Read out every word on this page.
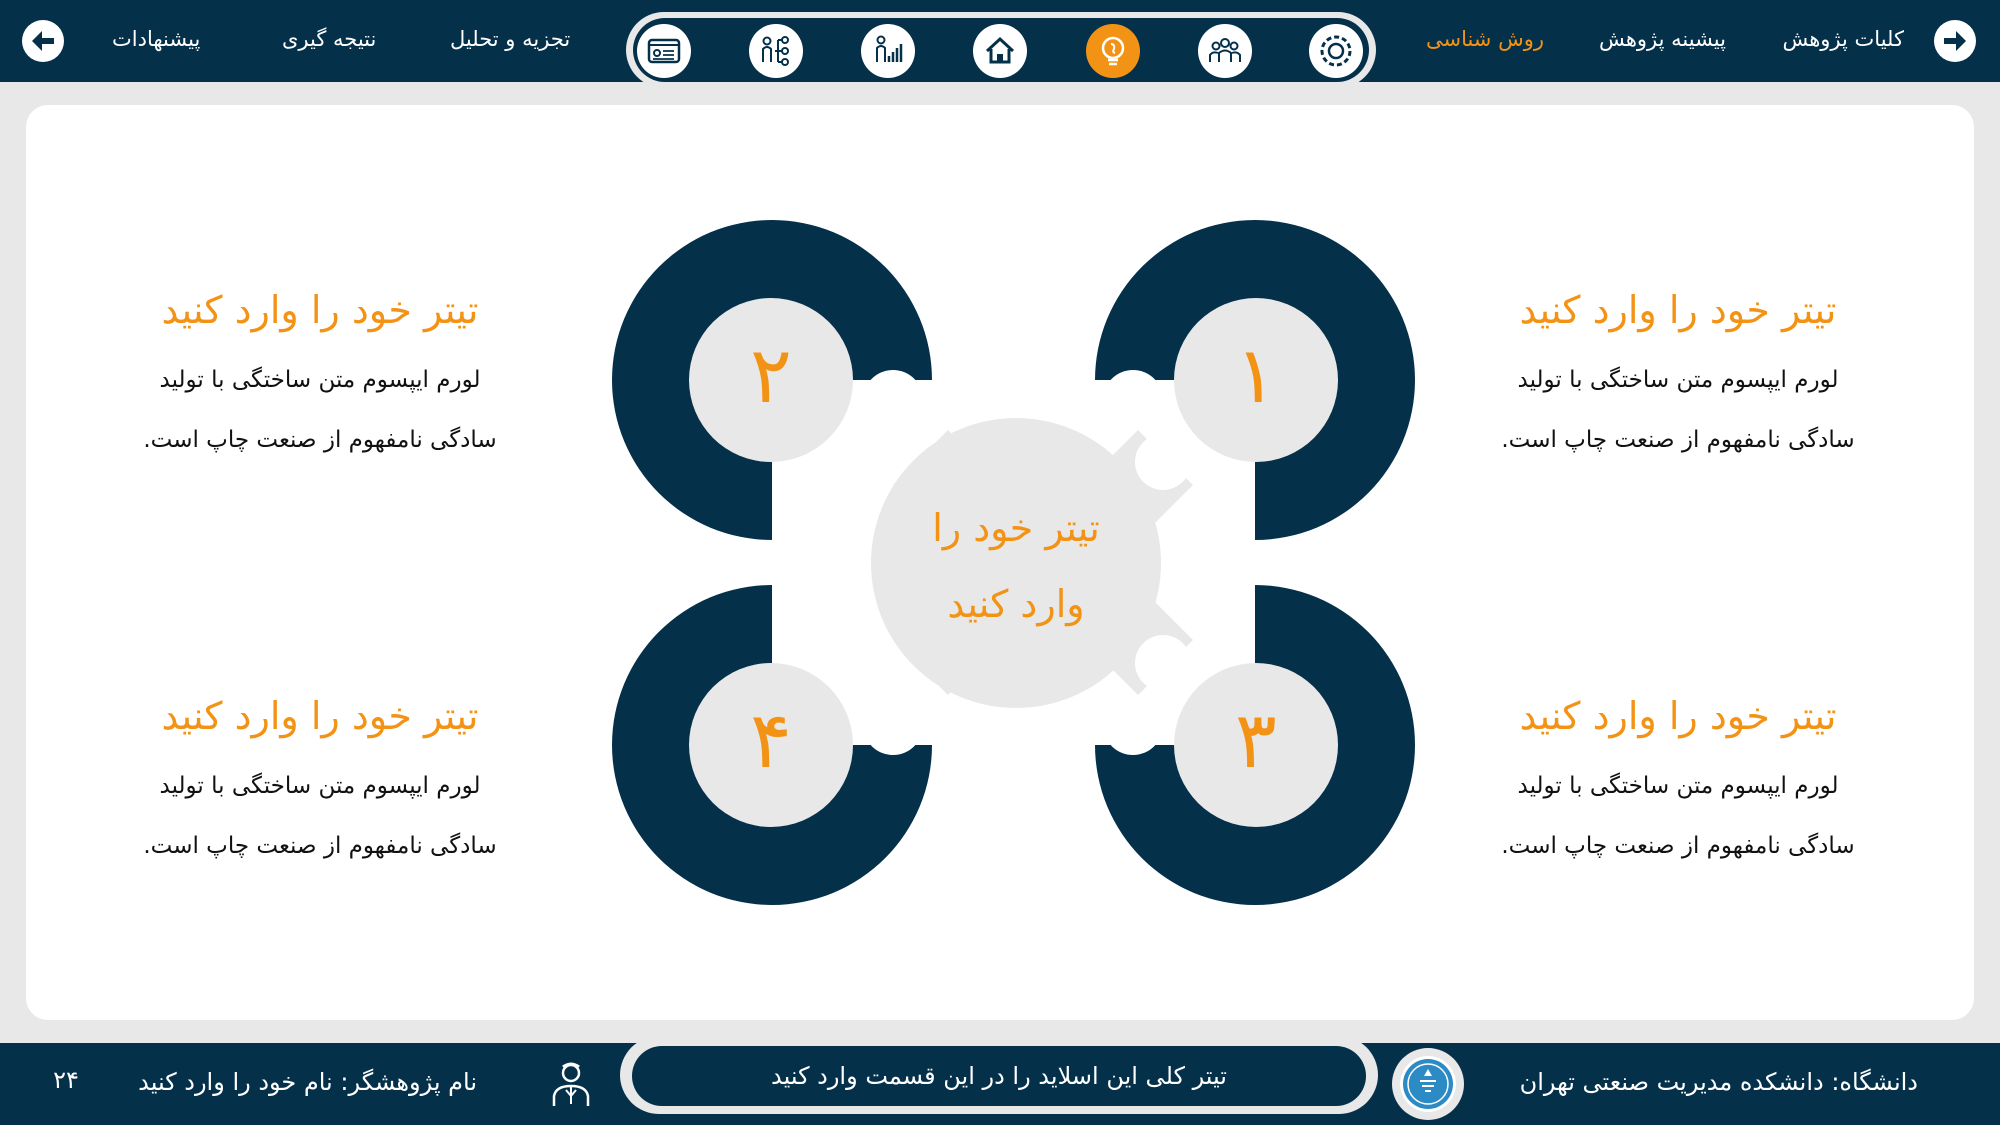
کلیات پژوهش
پیشینه پژوهش
روش شناسی
تجزیه و تحلیل
نتیجه گیری
پیشنهادات
۱
۲
۳
۴
تیتر خود را
وارد کنید
تیتر خود را وارد کنید
لورم ایپسوم متن ساختگی با تولید
سادگی نامفهوم از صنعت چاپ است.
تیتر خود را وارد کنید
لورم ایپسوم متن ساختگی با تولید
سادگی نامفهوم از صنعت چاپ است.
تیتر خود را وارد کنید
لورم ایپسوم متن ساختگی با تولید
سادگی نامفهوم از صنعت چاپ است.
تیتر خود را وارد کنید
لورم ایپسوم متن ساختگی با تولید
سادگی نامفهوم از صنعت چاپ است.
تیتر کلی این اسلاید را در این قسمت وارد کنید	دانشگاه: دانشکده مدیریت صنعتی تهران
نام پژوهشگر: نام خود را وارد کنید
۲۴
